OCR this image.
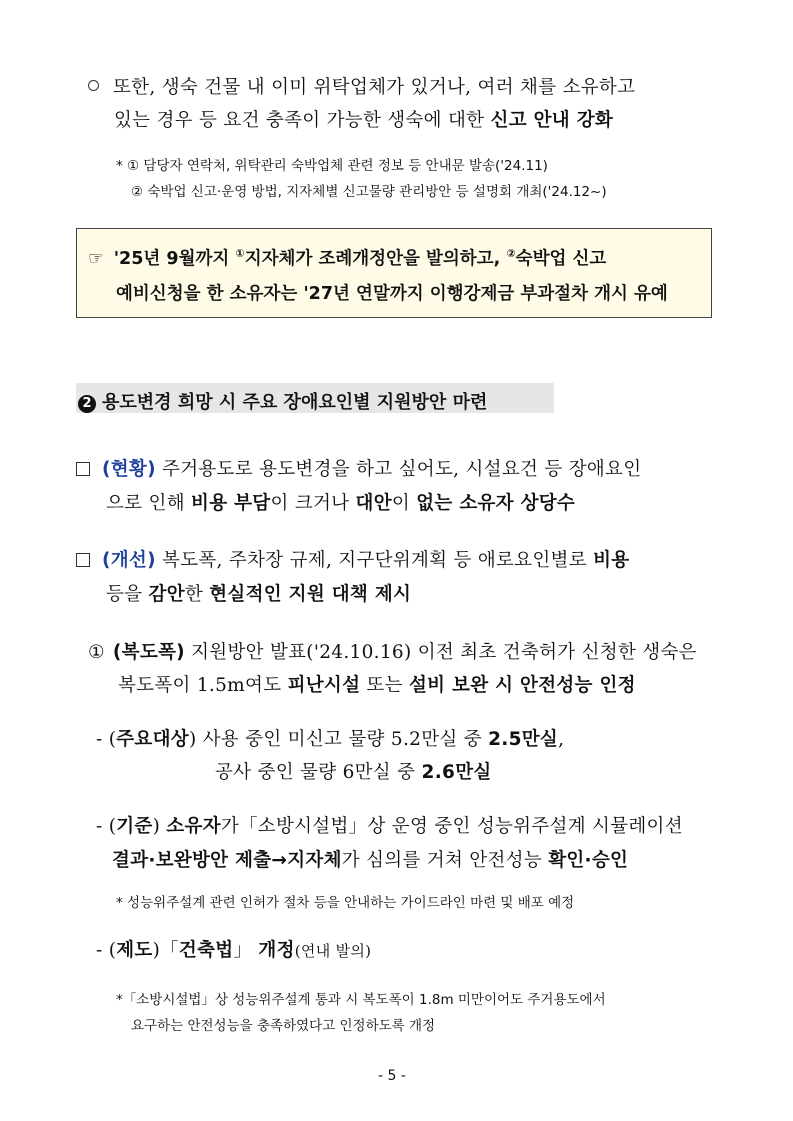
또한, 생숙 건물 내 이미 위탁업체가 있거나, 여러 채를 소유하고
있는 경우 등 요건 충족이 가능한 생숙에 대한 신고 안내 강화
* ① 담당자 연락처, 위탁관리 숙박업체 관련 정보 등 안내문 발송('24.11)
② 숙박업 신고·운영 방법, 지자체별 신고물량 관리방안 등 설명회 개최('24.12~)
☞ '25년 9월까지 ①지자체가 조례개정안을 발의하고, ②숙박업 신고
예비신청을 한 소유자는 '27년 연말까지 이행강제금 부과절차 개시 유예
2 용도변경 희망 시 주요 장애요인별 지원방안 마련
(현황) 주거용도로 용도변경을 하고 싶어도, 시설요건 등 장애요인
으로 인해 비용 부담이 크거나 대안이 없는 소유자 상당수
(개선) 복도폭, 주차장 규제, 지구단위계획 등 애로요인별로 비용
등을 감안한 현실적인 지원 대책 제시
① (복도폭) 지원방안 발표('24.10.16) 이전 최초 건축허가 신청한 생숙은
복도폭이 1.5m여도 피난시설 또는 설비 보완 시 안전성능 인정
- (주요대상) 사용 중인 미신고 물량 5.2만실 중 2.5만실,
공사 중인 물량 6만실 중 2.6만실
- (기준) 소유자가「소방시설법」상 운영 중인 성능위주설계 시뮬레이션
결과·보완방안 제출→지자체가 심의를 거쳐 안전성능 확인·승인
* 성능위주설계 관련 인허가 절차 등을 안내하는 가이드라인 마련 및 배포 예정
- (제도)「건축법」 개정(연내 발의)
*「소방시설법」상 성능위주설계 통과 시 복도폭이 1.8m 미만이어도 주거용도에서
요구하는 안전성능을 충족하였다고 인정하도록 개정
- 5 -
